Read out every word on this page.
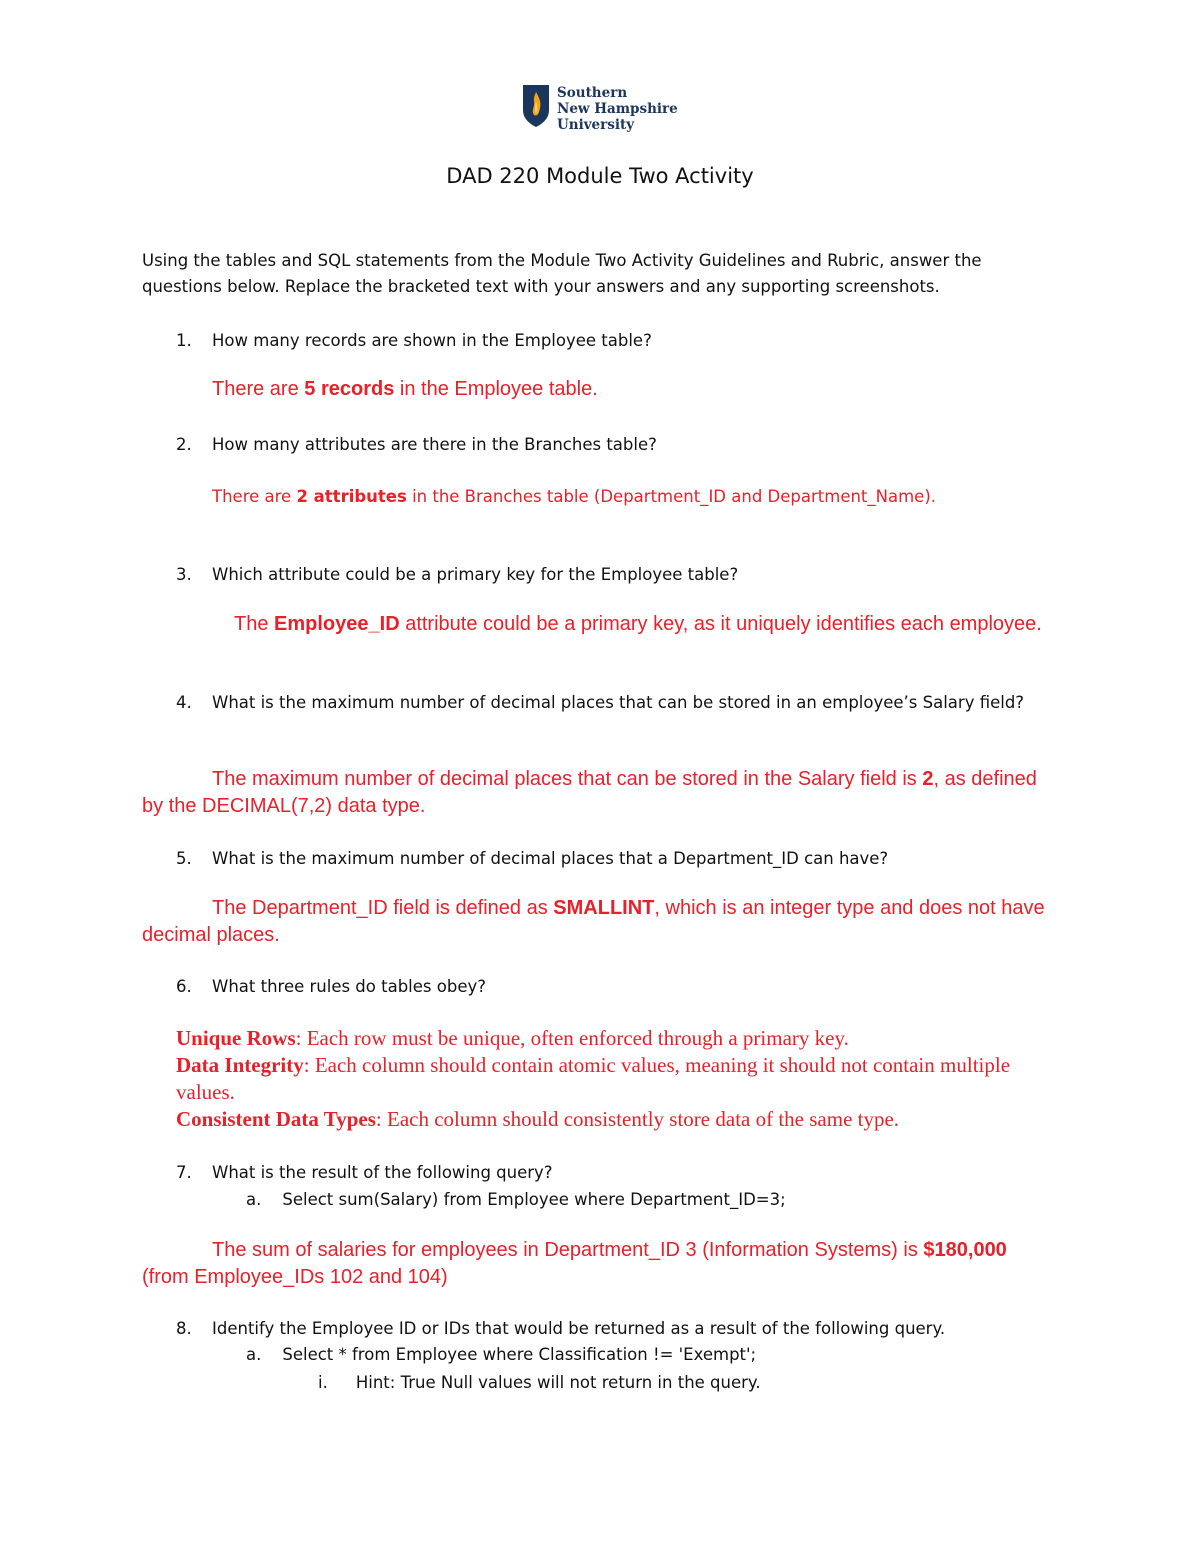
Southern
New Hampshire
University
DAD 220 Module Two Activity
Using the tables and SQL statements from the Module Two Activity Guidelines and Rubric, answer the questions below. Replace the bracketed text with your answers and any supporting screenshots.
1. How many records are shown in the Employee table?
There are 5 records in the Employee table.
2. How many attributes are there in the Branches table?
There are 2 attributes in the Branches table (Department_ID and Department_Name).
3. Which attribute could be a primary key for the Employee table?
The Employee_ID attribute could be a primary key, as it uniquely identifies each employee.
4. What is the maximum number of decimal places that can be stored in an employee’s Salary field?
The maximum number of decimal places that can be stored in the Salary field is 2, as defined by the DECIMAL(7,2) data type.
5. What is the maximum number of decimal places that a Department_ID can have?
The Department_ID field is defined as SMALLINT, which is an integer type and does not have decimal places.
6. What three rules do tables obey?
Unique Rows: Each row must be unique, often enforced through a primary key.
Data Integrity: Each column should contain atomic values, meaning it should not contain multiple values.
Consistent Data Types: Each column should consistently store data of the same type.
7. What is the result of the following query?
a. Select sum(Salary) from Employee where Department_ID=3;
The sum of salaries for employees in Department_ID 3 (Information Systems) is $180,000 (from Employee_IDs 102 and 104)
8. Identify the Employee ID or IDs that would be returned as a result of the following query.
a. Select * from Employee where Classification != 'Exempt';
i. Hint: True Null values will not return in the query.
